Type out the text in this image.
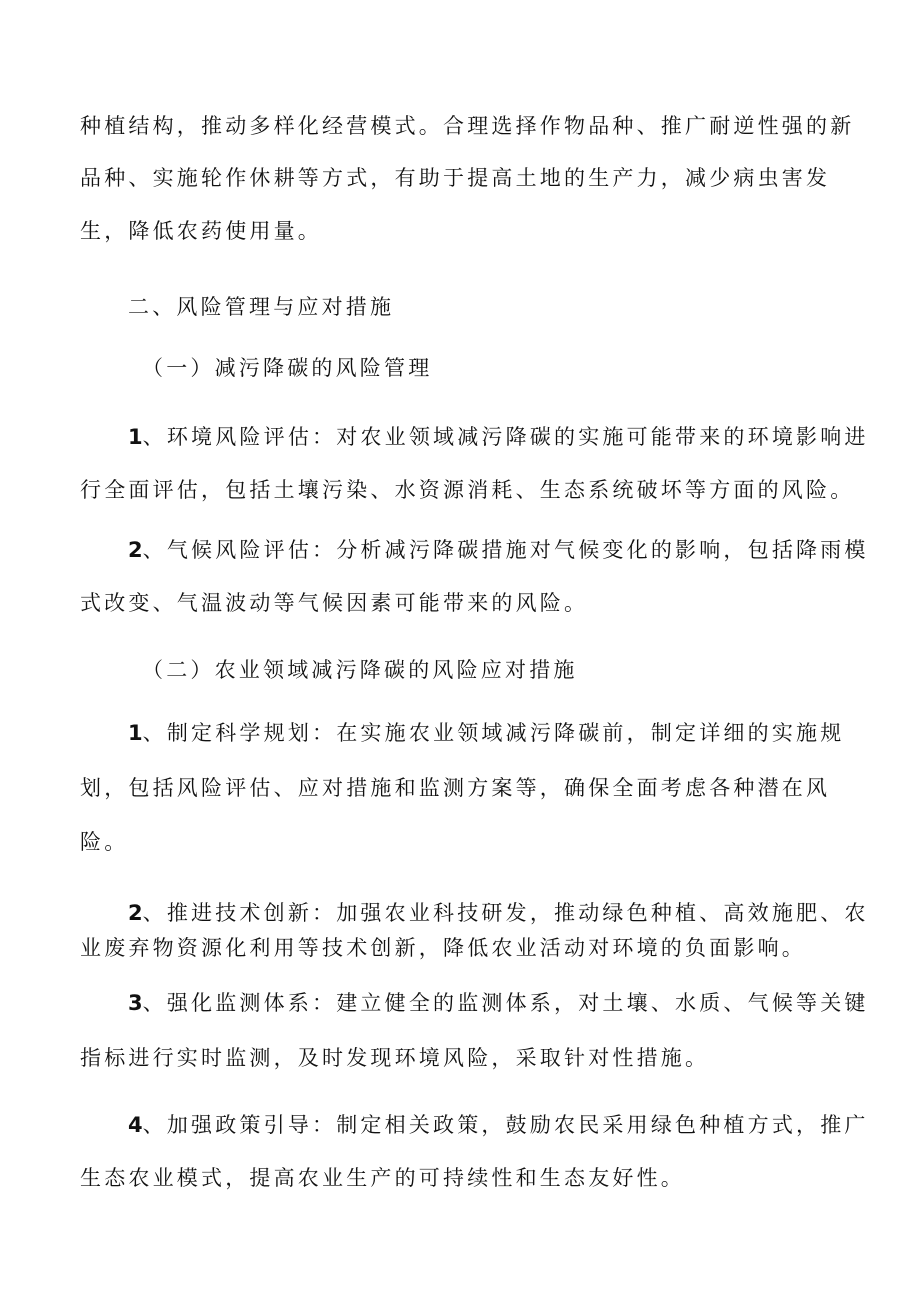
种植结构，推动多样化经营模式。合理选择作物品种、推广耐逆性强的新
品种、实施轮作休耕等方式，有助于提高土地的生产力，减少病虫害发
生，降低农药使用量。
二、风险管理与应对措施
（一）减污降碳的风险管理
1、环境风险评估：对农业领域减污降碳的实施可能带来的环境影响进
行全面评估，包括土壤污染、水资源消耗、生态系统破坏等方面的风险。
2、气候风险评估：分析减污降碳措施对气候变化的影响，包括降雨模
式改变、气温波动等气候因素可能带来的风险。
（二）农业领域减污降碳的风险应对措施
1、制定科学规划：在实施农业领域减污降碳前，制定详细的实施规
划，包括风险评估、应对措施和监测方案等，确保全面考虑各种潜在风
险。
2、推进技术创新：加强农业科技研发，推动绿色种植、高效施肥、农
业废弃物资源化利用等技术创新，降低农业活动对环境的负面影响。
3、强化监测体系：建立健全的监测体系，对土壤、水质、气候等关键
指标进行实时监测，及时发现环境风险，采取针对性措施。
4、加强政策引导：制定相关政策，鼓励农民采用绿色种植方式，推广
生态农业模式，提高农业生产的可持续性和生态友好性。
